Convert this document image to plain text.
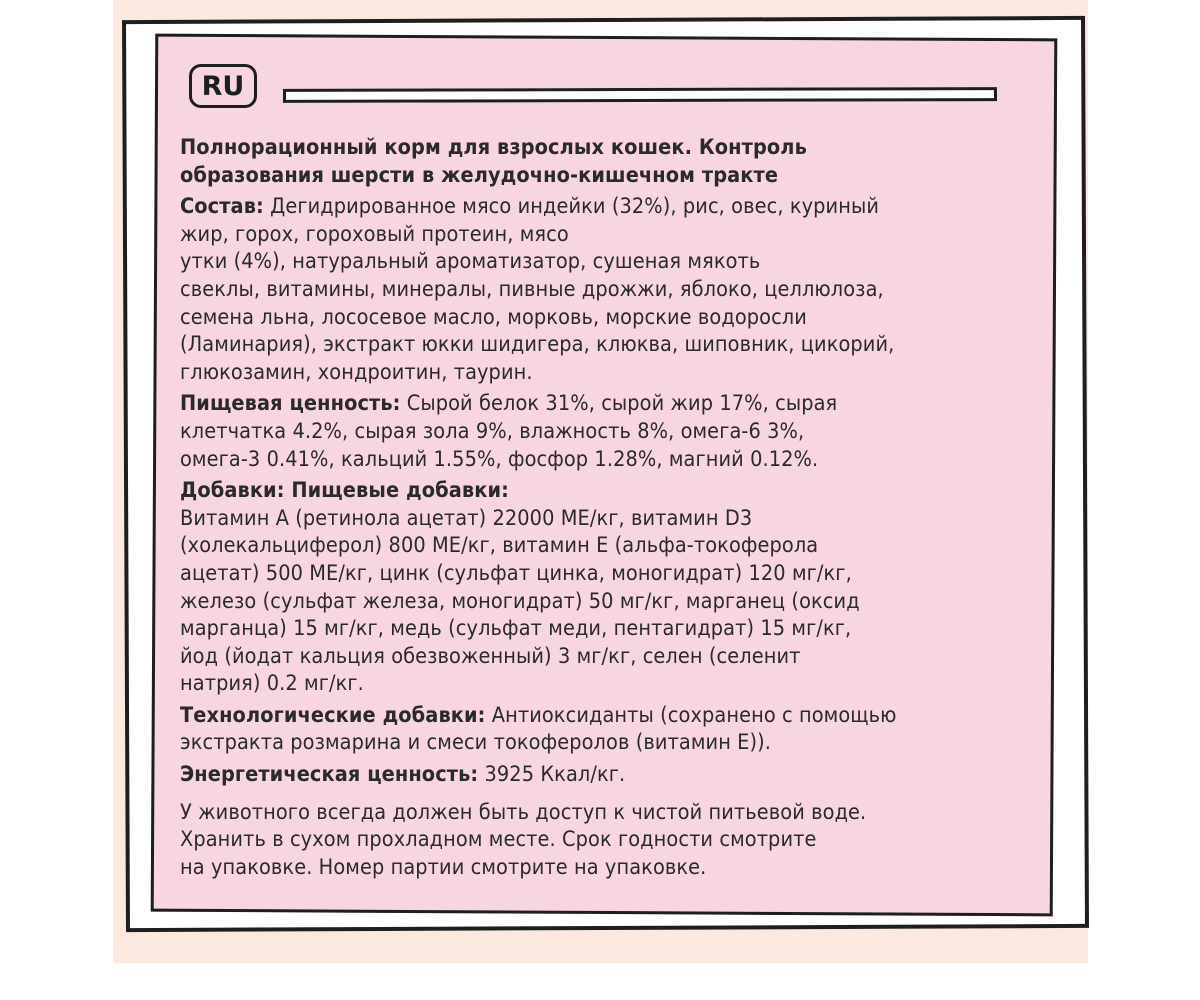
RU

Полнорационный корм для взрослых кошек. Контроль
образования шерсти в желудочно-кишечном тракте

Состав: Дегидрированное мясо индейки (32%), рис, овес, куриный
жир, горох, гороховый протеин, мясо
утки (4%), натуральный ароматизатор, сушеная мякоть
свеклы, витамины, минералы, пивные дрожжи, яблоко, целлюлоза,
семена льна, лососевое масло, морковь, морские водоросли
(Ламинария), экстракт юкки шидигера, клюква, шиповник, цикорий,
глюкозамин, хондроитин, таурин.

Пищевая ценность: Сырой белок 31%, сырой жир 17%, сырая
клетчатка 4.2%, сырая зола 9%, влажность 8%, омега-6 3%,
омега-3 0.41%, кальций 1.55%, фосфор 1.28%, магний 0.12%.

Добавки: Пищевые добавки:
Витамин А (ретинола ацетат) 22000 МЕ/кг, витамин D3
(холекальциферол) 800 МЕ/кг, витамин Е (альфа-токоферола
ацетат) 500 МЕ/кг, цинк (сульфат цинка, моногидрат) 120 мг/кг,
железо (сульфат железа, моногидрат) 50 мг/кг, марганец (оксид
марганца) 15 мг/кг, медь (сульфат меди, пентагидрат) 15 мг/кг,
йод (йодат кальция обезвоженный) 3 мг/кг, селен (селенит
натрия) 0.2 мг/кг.

Технологические добавки: Антиоксиданты (сохранено с помощью
экстракта розмарина и смеси токоферолов (витамин Е)).

Энергетическая ценность: 3925 Ккал/кг.

У животного всегда должен быть доступ к чистой питьевой воде.
Хранить в сухом прохладном месте. Срок годности смотрите
на упаковке. Номер партии смотрите на упаковке.
